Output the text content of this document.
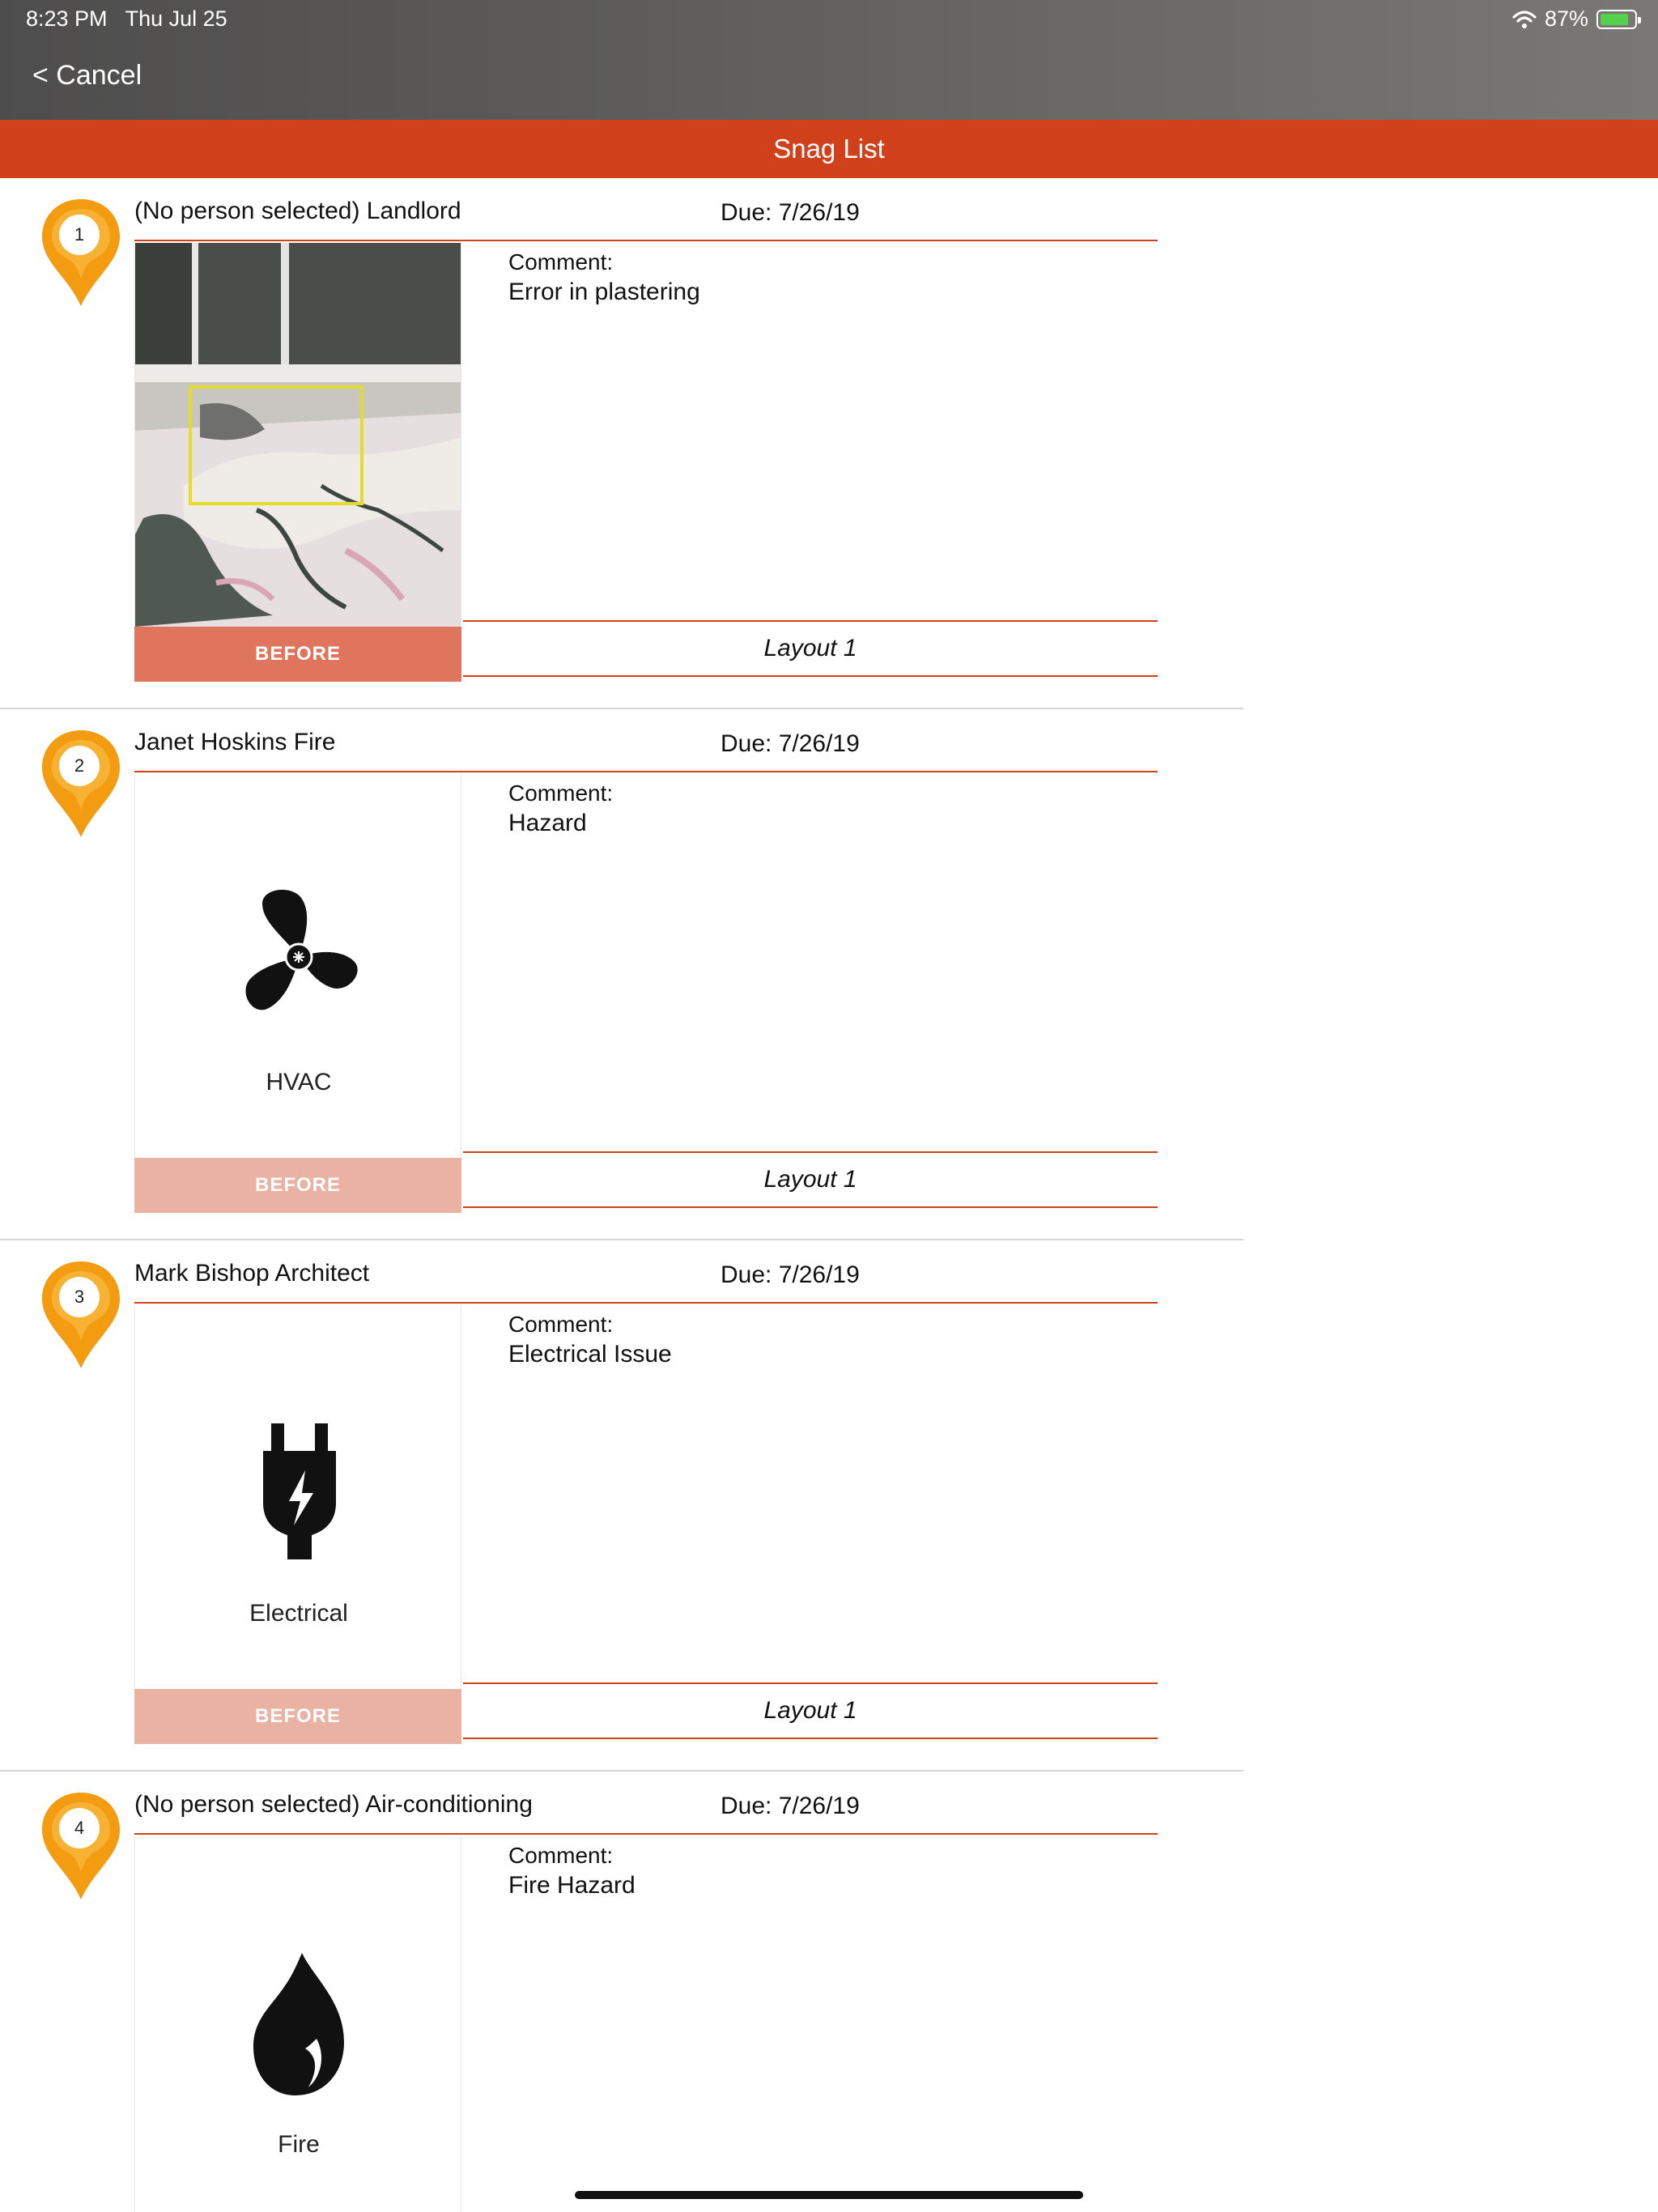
8:23 PM Thu Jul 25	87%
< Cancel
Snag List
1
(No person selected) Landlord	Due: 7/26/19
BEFORE
Comment:
Error in plastering
Layout 1
2
Janet Hoskins Fire	Due: 7/26/19
HVAC
BEFORE
Comment:
Hazard
Layout 1
3
Mark Bishop Architect	Due: 7/26/19
Electrical
BEFORE
Comment:
Electrical Issue
Layout 1
4
(No person selected) Air-conditioning	Due: 7/26/19
Fire
Comment:
Fire Hazard
